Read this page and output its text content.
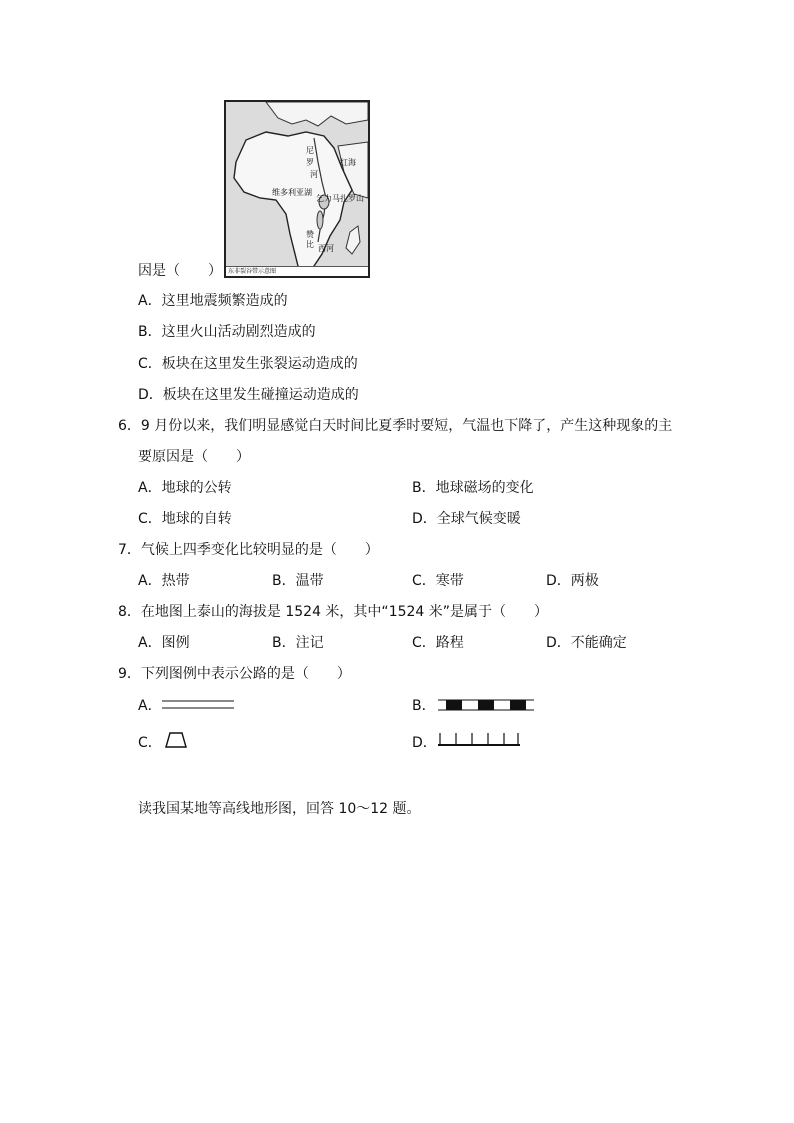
尼
罗
河
红海
维多利亚湖
乞力马扎罗山
赞
比 西河
东非裂谷带示意图
因是（　　）
A．这里地震频繁造成的
B．这里火山活动剧烈造成的
C．板块在这里发生张裂运动造成的
D．板块在这里发生碰撞运动造成的
6．9 月份以来，我们明显感觉白天时间比夏季时要短，气温也下降了，产生这种现象的主
要原因是（　　）
A．地球的公转	B．地球磁场的变化
C．地球的自转	D．全球气候变暖
7．气候上四季变化比较明显的是（　　）
A．热带	B．温带	C．寒带	D．两极
8．在地图上泰山的海拔是 1524 米，其中“1524 米”是属于（　　）
A．图例	B．注记	C．路程	D．不能确定
9．下列图例中表示公路的是（　　）
A．	B．
C．	D．
读我国某地等高线地形图，回答 10～12 题。
